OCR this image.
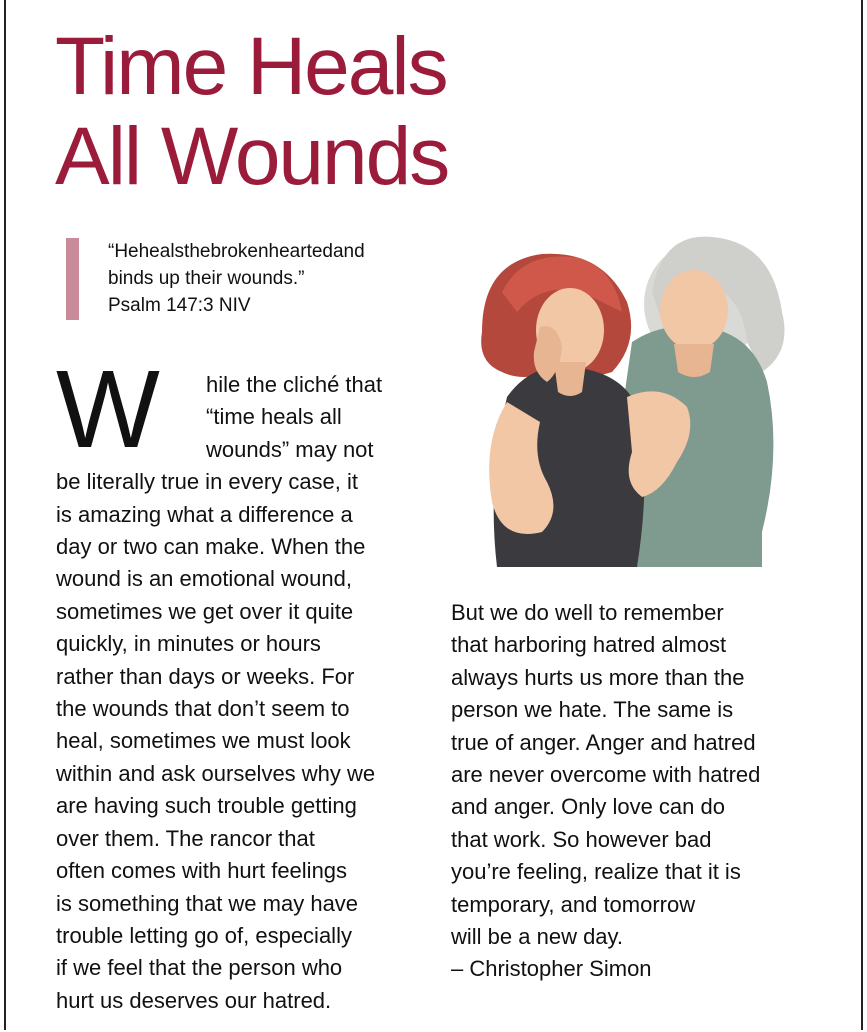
Time Heals
All Wounds
“Hehealsthebrokenheartedand
binds up their wounds.”
Psalm 147:3 NIV
W	hile the cliché that
“time heals all
wounds” may not
be literally true in every case, it
is amazing what a difference a
day or two can make. When the
wound is an emotional wound,
sometimes we get over it quite
quickly, in minutes or hours
rather than days or weeks. For
the wounds that don’t seem to
heal, sometimes we must look
within and ask ourselves why we
are having such trouble getting
over them. The rancor that
often comes with hurt feelings
is something that we may have
trouble letting go of, especially
if we feel that the person who
hurt us deserves our hatred.
But we do well to remember
that harboring hatred almost
always hurts us more than the
person we hate. The same is
true of anger. Anger and hatred
are never overcome with hatred
and anger. Only love can do
that work. So however bad
you’re feeling, realize that it is
temporary, and tomorrow
will be a new day.
– Christopher Simon
